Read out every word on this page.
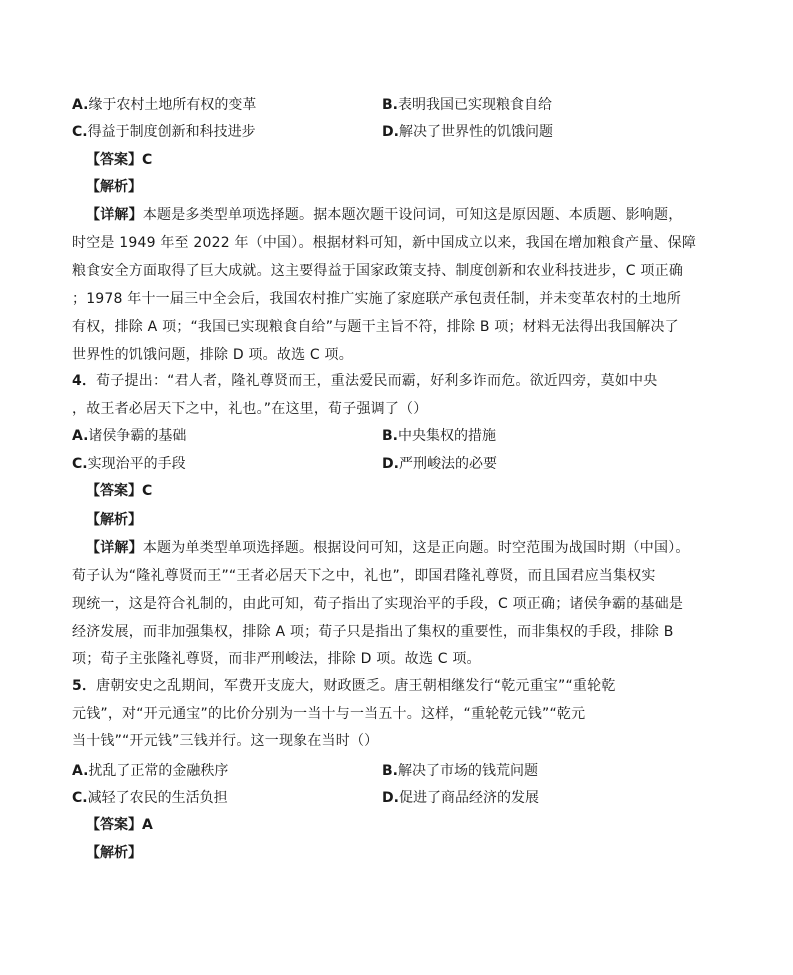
A.缘于农村土地所有权的变革	B.表明我国已实现粮食自给
C.得益于制度创新和科技进步	D.解决了世界性的饥饿问题
【答案】C
【解析】
【详解】本题是多类型单项选择题。据本题次题干设问词，可知这是原因题、本质题、影响题，
时空是 1949 年至 2022 年（中国）。根据材料可知，新中国成立以来，我国在增加粮食产量、保障
粮食安全方面取得了巨大成就。这主要得益于国家政策支持、制度创新和农业科技进步，C 项正确
；1978 年十一届三中全会后，我国农村推广实施了家庭联产承包责任制，并未变革农村的土地所
有权，排除 A 项；“我国已实现粮食自给”与题干主旨不符，排除 B 项；材料无法得出我国解决了
世界性的饥饿问题，排除 D 项。故选 C 项。
4．荀子提出：“君人者，隆礼尊贤而王，重法爱民而霸，好利多诈而危。欲近四旁，莫如中央
，故王者必居天下之中，礼也。”在这里，荀子强调了（）
A.诸侯争霸的基础	B.中央集权的措施
C.实现治平的手段	D.严刑峻法的必要
【答案】C
【解析】
【详解】本题为单类型单项选择题。根据设问可知，这是正向题。时空范围为战国时期（中国）。
荀子认为“隆礼尊贤而王”“王者必居天下之中，礼也”，即国君隆礼尊贤，而且国君应当集权实
现统一，这是符合礼制的，由此可知，荀子指出了实现治平的手段，C 项正确；诸侯争霸的基础是
经济发展，而非加强集权，排除 A 项；荀子只是指出了集权的重要性，而非集权的手段，排除 B
项；荀子主张隆礼尊贤，而非严刑峻法，排除 D 项。故选 C 项。
5．唐朝安史之乱期间，军费开支庞大，财政匮乏。唐王朝相继发行“乾元重宝”“重轮乾
元钱”，对“开元通宝”的比价分别为一当十与一当五十。这样，“重轮乾元钱”“乾元
当十钱”“开元钱”三钱并行。这一现象在当时（）
A.扰乱了正常的金融秩序	B.解决了市场的钱荒问题
C.减轻了农民的生活负担	D.促进了商品经济的发展
【答案】A
【解析】
